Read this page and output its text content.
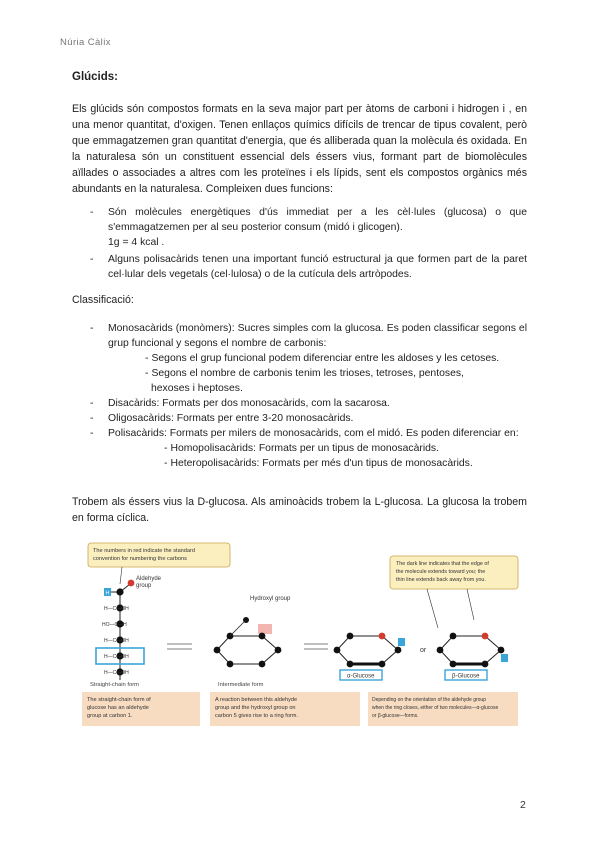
Núria Càlix
Glúcids:

Els glúcids són compostos formats en la seva major part per àtoms de carboni i hidrogen i , en una menor quantitat, d'oxigen. Tenen enllaços químics difícils de trencar de tipus covalent, però que emmagatzemen gran quantitat d'energia, que és alliberada quan la molècula és oxidada. En la naturalesa són un constituent essencial dels éssers vius, formant part de biomolècules aïllades o associades a altres com les proteïnes i els lípids, sent els compostos orgànics més abundants en la naturalesa. Compleixen dues funcions:

- Són molècules energètiques d'ús immediat per a les cèl·lules (glucosa) o que s'emmagatzemen per al seu posterior consum (midó i glicogen).
1g = 4 kcal .
- Alguns polisacàrids tenen una important funció estructural ja que formen part de la paret cel·lular dels vegetals (cel·lulosa) o de la cutícula dels artròpodes.
Classificació:
- Monosacàrids (monòmers): Sucres simples com la glucosa. Es poden classificar segons el grup funcional y segons el nombre de carbonis:
- Segons el grup funcional podem diferenciar entre les aldoses y les cetoses.
- Segons el nombre de carbonis tenim les trioses, tetroses, pentoses,
hexoses i heptoses.
- Disacàrids: Formats per dos monosacàrids, com la sacarosa.
- Oligosacàrids: Formats per entre 3-20 monosacàrids.
- Polisacàrids: Formats per milers de monosacàrids, com el midó. Es poden diferenciar en:
- Homopolisacàrids: Formats per un tipus de monosacàrids.
- Heteropolisacàrids: Formats per més d'un tipus de monosacàrids.

Trobem als éssers vius la D-glucosa. Als aminoàcids trobem la L-glucosa. La glucosa la trobem en forma cíclica.

The numbers in red indicate the standard
convention for numbering the carbons
The dark line indicates that the edge of
the molecule extends toward you; the
thin line extends back away from you.
H
Aldehyde
group
H—C—OH
HO—C—H
H—C—OH
H—C—OH
H—C—OH
Straight-chain form
Hydroxyl group
Intermediate form
α-Glucose
or
β-Glucose
The straight-chain form of
glucose has an aldehyde
group at carbon 1.
A reaction between this aldehyde
group and the hydroxyl group on
carbon 5 gives rise to a ring form.
Depending on the orientation of the aldehyde group
when the ring closes, either of two molecules—α-glucose
or β-glucose—forms.
2
